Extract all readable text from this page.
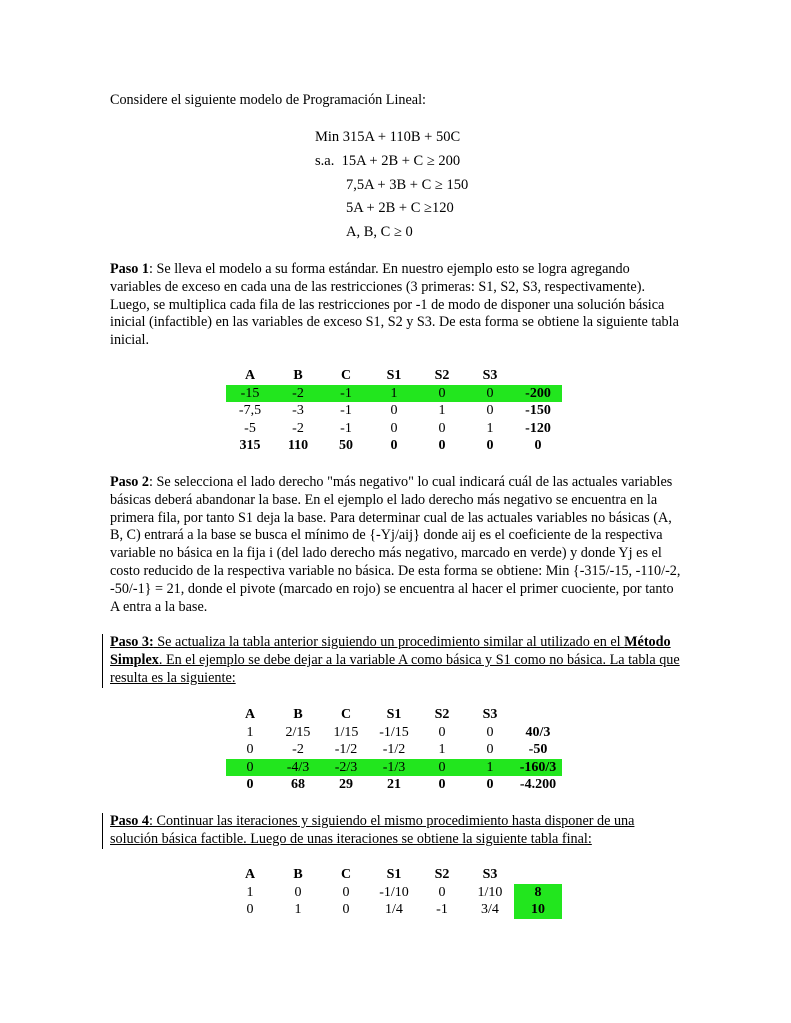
Considere el siguiente modelo de Programación Lineal:

Min 315A + 110B + 50C
s.a. 15A + 2B + C ≥ 200
7,5A + 3B + C ≥ 150
5A + 2B + C ≥120
A, B, C ≥ 0

Paso 1: Se lleva el modelo a su forma estándar. En nuestro ejemplo esto se logra agregando variables de exceso en cada una de las restricciones (3 primeras: S1, S2, S3, respectivamente). Luego, se multiplica cada fila de las restricciones por -1 de modo de disponer una solución básica inicial (infactible) en las variables de exceso S1, S2 y S3. De esta forma se obtiene la siguiente tabla inicial.

A	B	C	S1	S2	S3	
-15	-2	-1	1	0	0	-200
-7,5	-3	-1	0	1	0	-150
-5	-2	-1	0	0	1	-120
315	110	50	0	0	0	0

Paso 2: Se selecciona el lado derecho "más negativo" lo cual indicará cuál de las actuales variables básicas deberá abandonar la base. En el ejemplo el lado derecho más negativo se encuentra en la primera fila, por tanto S1 deja la base. Para determinar cual de las actuales variables no básicas (A, B, C) entrará a la base se busca el mínimo de {-Yj/aij} donde aij es el coeficiente de la respectiva variable no básica en la fija i (del lado derecho más negativo, marcado en verde) y donde Yj es el costo reducido de la respectiva variable no básica. De esta forma se obtiene: Min {-315/-15, -110/-2, -50/-1} = 21, donde el pivote (marcado en rojo) se encuentra al hacer el primer cuociente, por tanto A entra a la base.

Paso 3: Se actualiza la tabla anterior siguiendo un procedimiento similar al utilizado en el Método Simplex. En el ejemplo se debe dejar a la variable A como básica y S1 como no básica. La tabla que resulta es la siguiente:

A	B	C	S1	S2	S3	
1	2/15	1/15	-1/15	0	0	40/3
0	-2	-1/2	-1/2	1	0	-50
0	-4/3	-2/3	-1/3	0	1	-160/3
0	68	29	21	0	0	-4.200

Paso 4: Continuar las iteraciones y siguiendo el mismo procedimiento hasta disponer de una solución básica factible. Luego de unas iteraciones se obtiene la siguiente tabla final:

A	B	C	S1	S2	S3	
1	0	0	-1/10	0	1/10	8
0	1	0	1/4	-1	3/4	10
